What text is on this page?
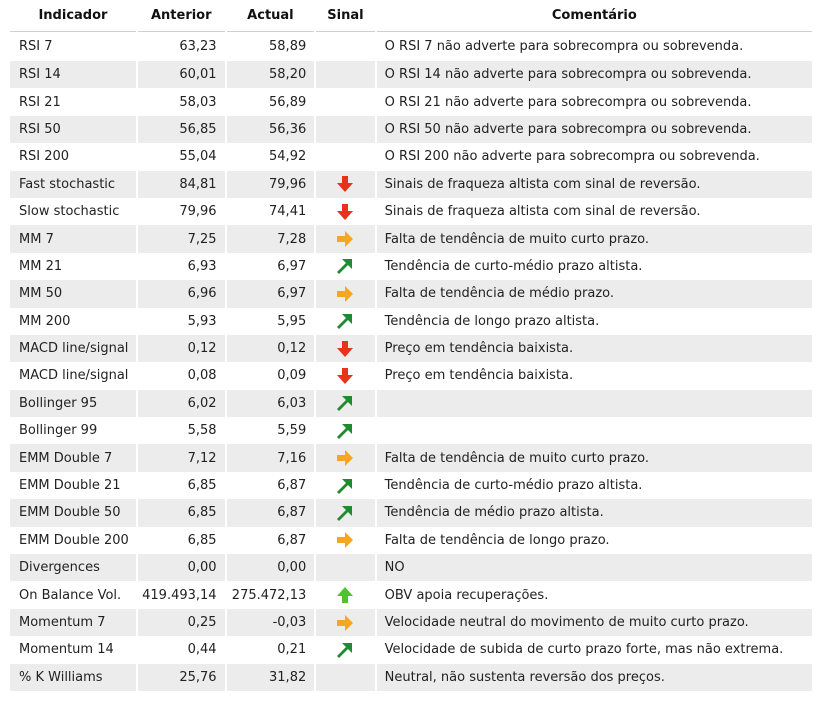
Indicador	Anterior	Actual	Sinal	Comentário
RSI 7	63,23	58,89		O RSI 7 não adverte para sobrecompra ou sobrevenda.
RSI 14	60,01	58,20		O RSI 14 não adverte para sobrecompra ou sobrevenda.
RSI 21	58,03	56,89		O RSI 21 não adverte para sobrecompra ou sobrevenda.
RSI 50	56,85	56,36		O RSI 50 não adverte para sobrecompra ou sobrevenda.
RSI 200	55,04	54,92		O RSI 200 não adverte para sobrecompra ou sobrevenda.
Fast stochastic	84,81	79,96		Sinais de fraqueza altista com sinal de reversão.
Slow stochastic	79,96	74,41		Sinais de fraqueza altista com sinal de reversão.
MM 7	7,25	7,28		Falta de tendência de muito curto prazo.
MM 21	6,93	6,97		Tendência de curto-médio prazo altista.
MM 50	6,96	6,97		Falta de tendência de médio prazo.
MM 200	5,93	5,95		Tendência de longo prazo altista.
MACD line/signal	0,12	0,12		Preço em tendência baixista.
MACD line/signal	0,08	0,09		Preço em tendência baixista.
Bollinger 95	6,02	6,03	

Bollinger 99	5,58	5,59	

EMM Double 7	7,12	7,16		Falta de tendência de muito curto prazo.
EMM Double 21	6,85	6,87		Tendência de curto-médio prazo altista.
EMM Double 50	6,85	6,87		Tendência de médio prazo altista.
EMM Double 200	6,85	6,87		Falta de tendência de longo prazo.
Divergences	0,00	0,00		NO
On Balance Vol.	419.493,14	275.472,13		OBV apoia recuperações.
Momentum 7	0,25	-0,03		Velocidade neutral do movimento de muito curto prazo.
Momentum 14	0,44	0,21		Velocidade de subida de curto prazo forte, mas não extrema.
% K Williams	25,76	31,82		Neutral, não sustenta reversão dos preços.
